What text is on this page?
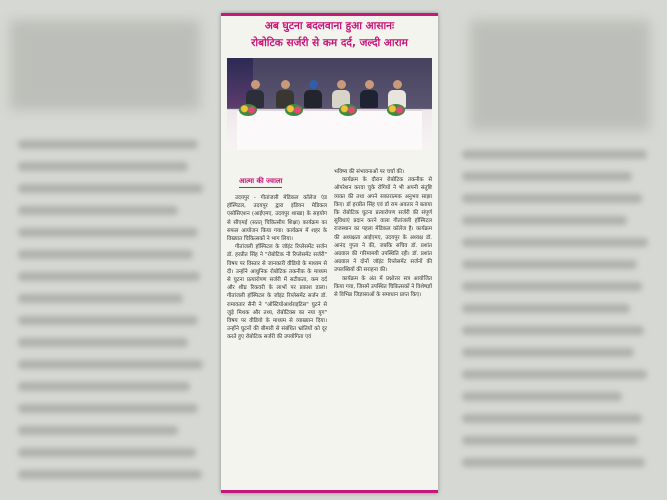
अब घुटना बदलवाना हुआ आसानः
रोबोटिक सर्जरी से कम दर्द, जल्दी आराम
आत्मा की ज्वाला

उदयपुर - गीतांजली मेडिकल कॉलेज एंड हॉस्पिटल, उदयपुर द्वारा इंडियन मेडिकल एसोसिएशन (आईएमए, उदयपुर शाखा) के सहयोग से सीएमई (सतत् चिकित्सीय शिक्षा) कार्यक्रम का सफल आयोजन किया गया। कार्यक्रम में शहर के विख्यात चिकित्सकों ने भाग लिया।

गीतांजली हॉस्पिटल के जॉइंट रिप्लेसमेंट सर्जन डॉ. हरप्रीत सिंह ने "रोबोटिक नी रिप्लेसमेंट सर्जरी" विषय पर विस्तार से जानकारी वीडियो के माध्यम से दी। उन्होंने आधुनिक रोबोटिक तकनीक के माध्यम से घुटना प्रत्यारोपण सर्जरी में सटीकता, कम दर्द और शीघ्र रिकवरी के लाभों पर प्रकाश डाला। गीतांजली हॉस्पिटल के जॉइंट रिप्लेसमेंट सर्जन डॉ. रामावतार सैनी ने "ऑस्टियोआर्थराइटिस" घुटने से जुड़े मिथक और तथ्य, रोबोटिक्स का नया युग" विषय पर वीडियो के माध्यम से व्याख्यान दिया। उन्होंने घुटनों की बीमारी से संबंधित भ्रांतियों को दूर करते हुए रोबोटिक सर्जरी की उपयोगिता एवं

भविष्य की संभावनाओं पर चर्चा की।

कार्यक्रम के दौरान रोबोटिक तकनीक से ऑपरेशन करवा चुके रोगियों ने भी अपनी संतुष्टि व्यक्त की तथा अपने सकारात्मक अनुभव साझा किए। डॉ हरप्रीत सिंह एवं डॉ राम अवतार ने बताया कि रोबोटिक घुटना प्रत्यारोपण सर्जरी की संपूर्ण सुविधाएं प्रदान करने वाला गीतांजली हॉस्पिटल राजस्थान का पहला मेडिकल कॉलेज है। कार्यक्रम की अध्यक्षता आईएमए, उदयपुर के अध्यक्ष डॉ. आनंद गुप्ता ने की, जबकि सचिव डॉ. प्रशांत अग्रवाल की गरिमामयी उपस्थिति रही। डॉ. प्रशांत अग्रवाल ने दोनों जॉइंट रिप्लेसमेंट सर्जनों की उपलब्धियों की सराहना की।

कार्यक्रम के अंत में प्रश्नोत्तर सत्र आयोजित किया गया, जिसमें उपस्थित चिकित्सकों ने विशेषज्ञों से विभिन्न जिज्ञासाओं के समाधान प्राप्त किए।
